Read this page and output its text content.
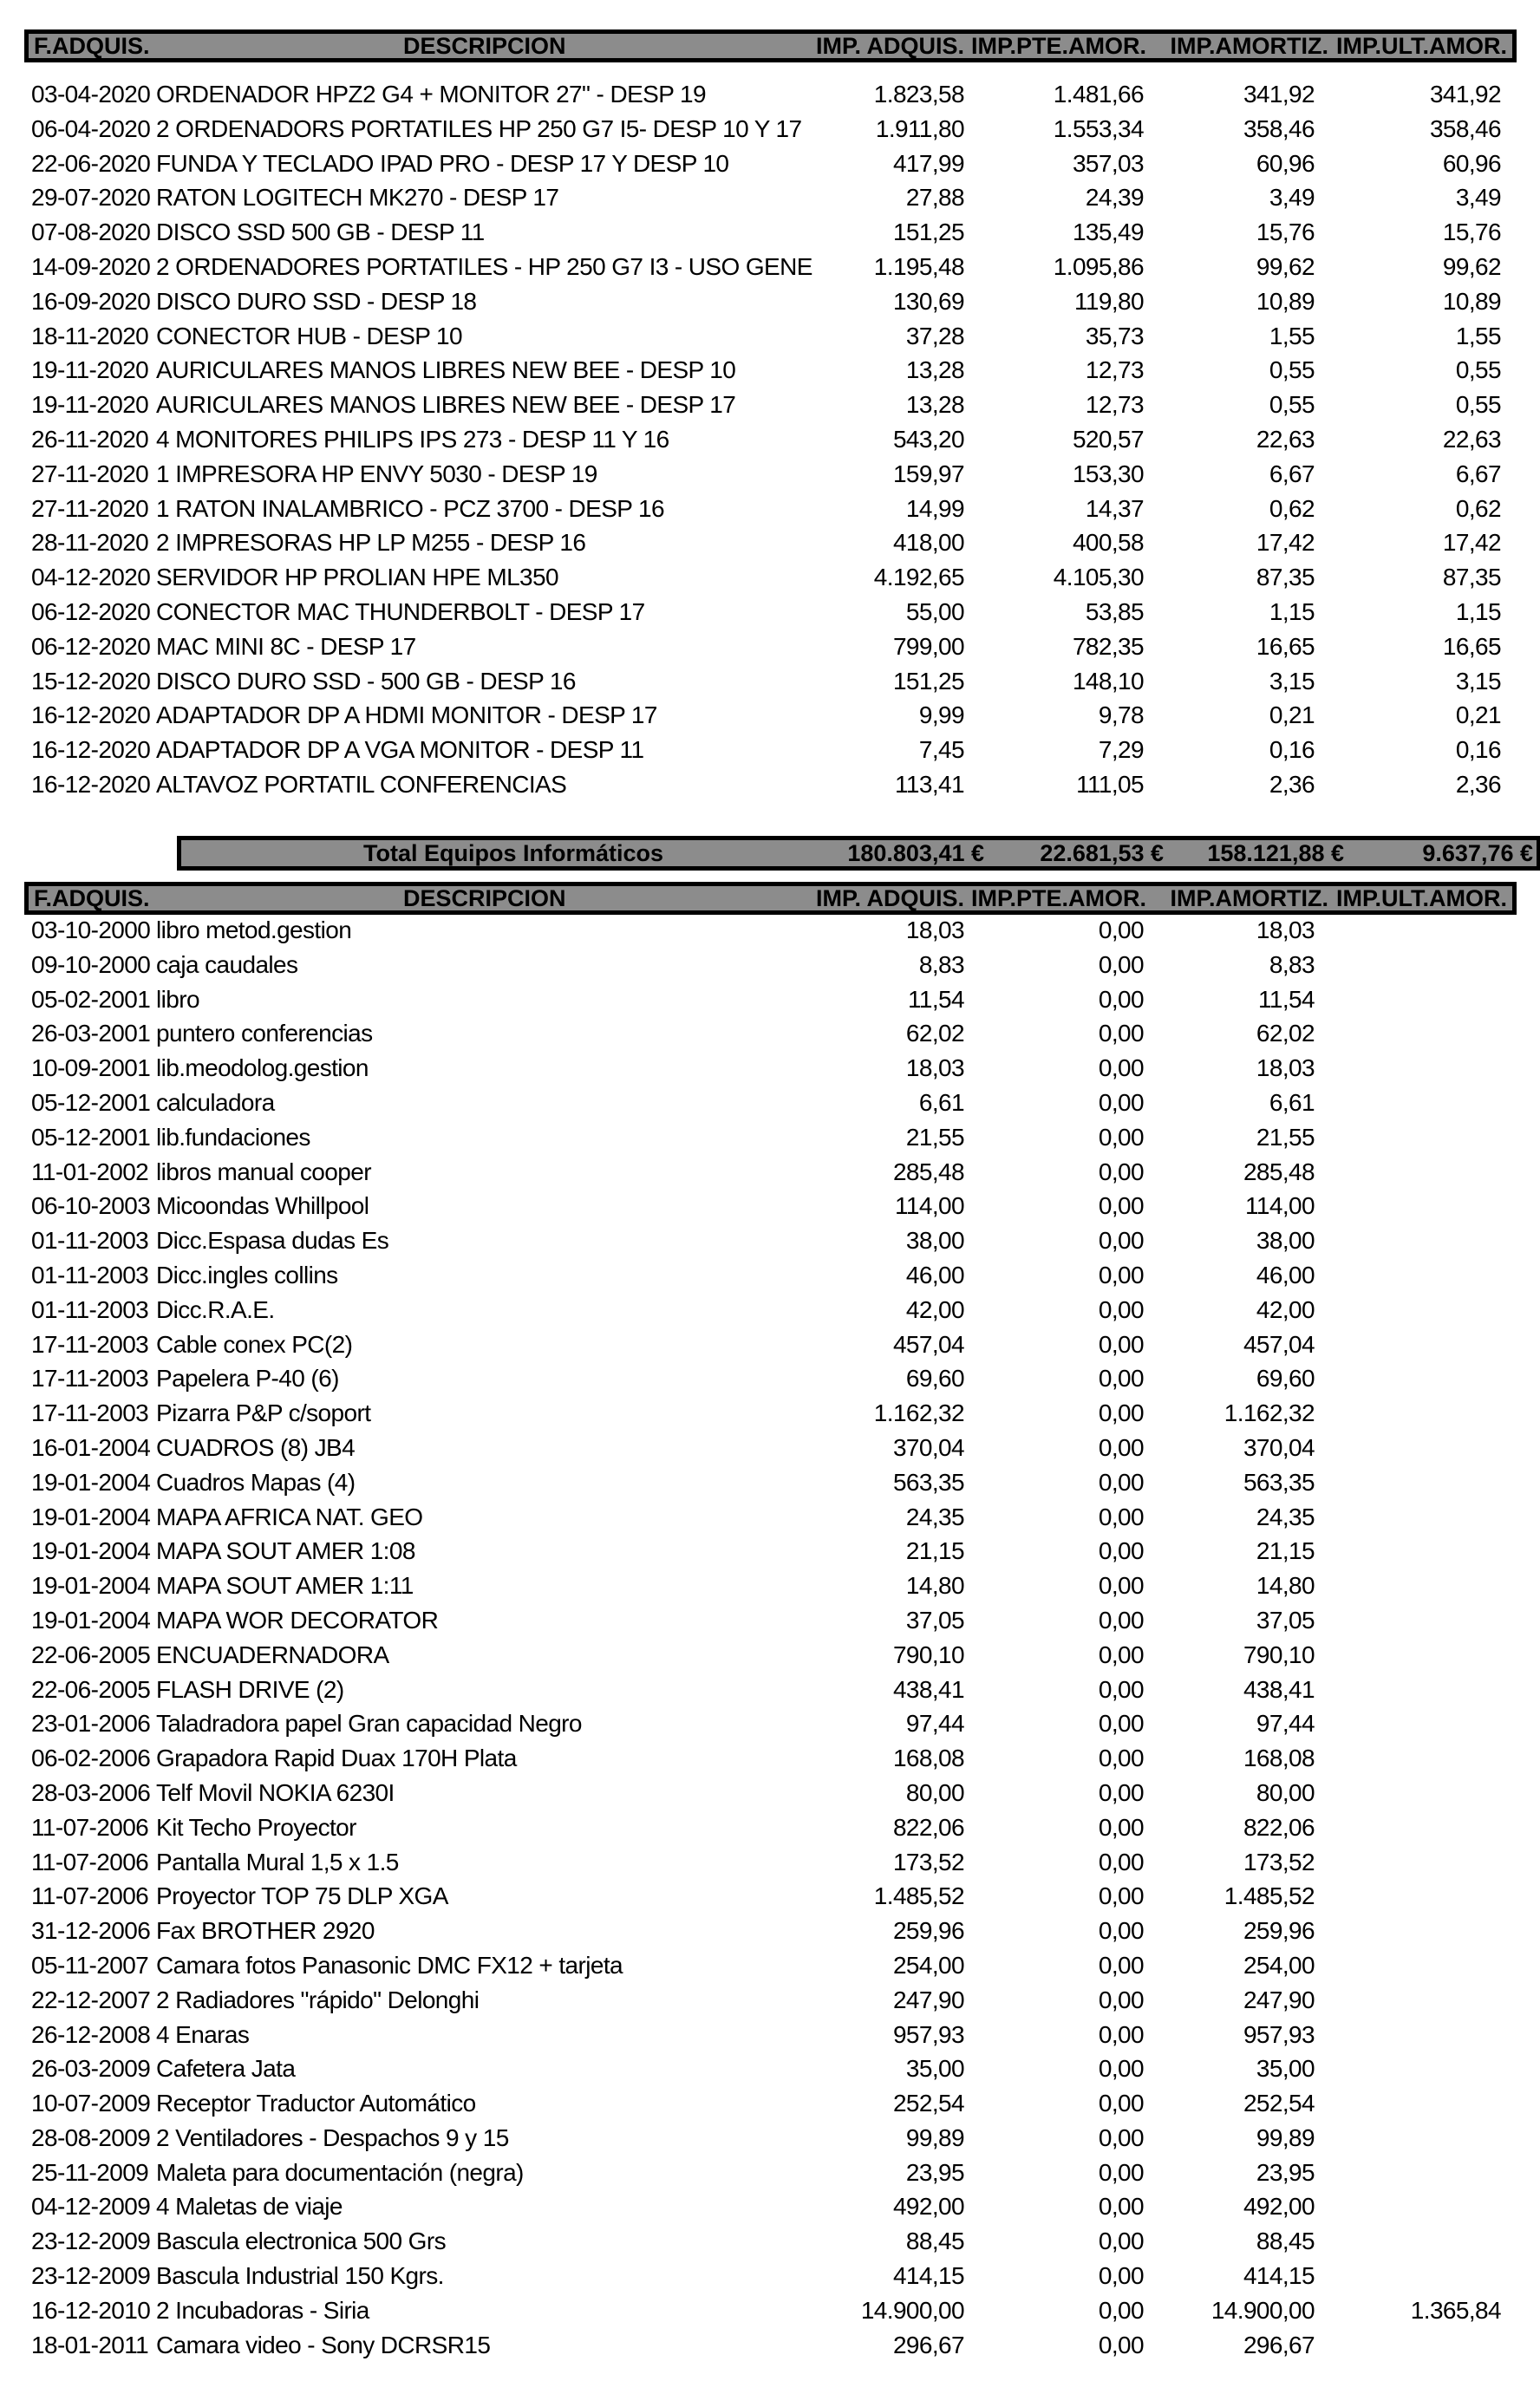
F.ADQUIS.	DESCRIPCION	IMP. ADQUIS. IMP.PTE.AMOR. IMP.AMORTIZ. IMP.ULT.AMOR.
03-04-2020 ORDENADOR HPZ2 G4 + MONITOR 27" - DESP 19	1.823,58	1.481,66	341,92	341,92
06-04-2020 2 ORDENADORS PORTATILES HP 250 G7 I5- DESP 10 Y 17	1.911,80	1.553,34	358,46	358,46
22-06-2020 FUNDA Y TECLADO IPAD PRO - DESP 17 Y DESP 10	417,99	357,03	60,96	60,96
29-07-2020 RATON LOGITECH MK270 - DESP 17	27,88	24,39	3,49	3,49
07-08-2020 DISCO SSD 500 GB - DESP 11	151,25	135,49	15,76	15,76
14-09-2020 2 ORDENADORES PORTATILES - HP 250 G7 I3 - USO GENE	1.195,48	1.095,86	99,62	99,62
16-09-2020 DISCO DURO SSD - DESP 18	130,69	119,80	10,89	10,89
18-11-2020 CONECTOR HUB - DESP 10	37,28	35,73	1,55	1,55
19-11-2020 AURICULARES MANOS LIBRES NEW BEE - DESP 10	13,28	12,73	0,55	0,55
19-11-2020 AURICULARES MANOS LIBRES NEW BEE - DESP 17	13,28	12,73	0,55	0,55
26-11-2020 4 MONITORES PHILIPS IPS 273 - DESP 11 Y 16	543,20	520,57	22,63	22,63
27-11-2020 1 IMPRESORA HP ENVY 5030 - DESP 19	159,97	153,30	6,67	6,67
27-11-2020 1 RATON INALAMBRICO - PCZ 3700 - DESP 16	14,99	14,37	0,62	0,62
28-11-2020 2 IMPRESORAS HP LP M255 - DESP 16	418,00	400,58	17,42	17,42
04-12-2020 SERVIDOR HP PROLIAN HPE ML350	4.192,65	4.105,30	87,35	87,35
06-12-2020 CONECTOR MAC THUNDERBOLT - DESP 17	55,00	53,85	1,15	1,15
06-12-2020 MAC MINI 8C - DESP 17	799,00	782,35	16,65	16,65
15-12-2020 DISCO DURO SSD - 500 GB - DESP 16	151,25	148,10	3,15	3,15
16-12-2020 ADAPTADOR DP A HDMI MONITOR - DESP 17	9,99	9,78	0,21	0,21
16-12-2020 ADAPTADOR DP A VGA MONITOR - DESP 11	7,45	7,29	0,16	0,16
16-12-2020 ALTAVOZ PORTATIL CONFERENCIAS	113,41	111,05	2,36	2,36
Total Equipos Informáticos	180.803,41 € 22.681,53 € 158.121,88 €	9.637,76 €
F.ADQUIS.	DESCRIPCION	IMP. ADQUIS. IMP.PTE.AMOR. IMP.AMORTIZ. IMP.ULT.AMOR.
03-10-2000 libro metod.gestion	18,03	0,00	18,03
09-10-2000 caja caudales	8,83	0,00	8,83
05-02-2001 libro	11,54	0,00	11,54
26-03-2001 puntero conferencias	62,02	0,00	62,02
10-09-2001 lib.meodolog.gestion	18,03	0,00	18,03
05-12-2001 calculadora	6,61	0,00	6,61
05-12-2001 lib.fundaciones	21,55	0,00	21,55
11-01-2002 libros manual cooper	285,48	0,00	285,48
06-10-2003 Micoondas Whillpool	114,00	0,00	114,00
01-11-2003 Dicc.Espasa dudas Es	38,00	0,00	38,00
01-11-2003 Dicc.ingles collins	46,00	0,00	46,00
01-11-2003 Dicc.R.A.E.	42,00	0,00	42,00
17-11-2003 Cable conex PC(2)	457,04	0,00	457,04
17-11-2003 Papelera P-40 (6)	69,60	0,00	69,60
17-11-2003 Pizarra P&P c/soport	1.162,32	0,00	1.162,32
16-01-2004 CUADROS (8) JB4	370,04	0,00	370,04
19-01-2004 Cuadros Mapas (4)	563,35	0,00	563,35
19-01-2004 MAPA AFRICA NAT. GEO	24,35	0,00	24,35
19-01-2004 MAPA SOUT AMER 1:08	21,15	0,00	21,15
19-01-2004 MAPA SOUT AMER 1:11	14,80	0,00	14,80
19-01-2004 MAPA WOR DECORATOR	37,05	0,00	37,05
22-06-2005 ENCUADERNADORA	790,10	0,00	790,10
22-06-2005 FLASH DRIVE (2)	438,41	0,00	438,41
23-01-2006 Taladradora papel Gran capacidad Negro	97,44	0,00	97,44
06-02-2006 Grapadora Rapid Duax 170H Plata	168,08	0,00	168,08
28-03-2006 Telf Movil NOKIA 6230I	80,00	0,00	80,00
11-07-2006 Kit Techo Proyector	822,06	0,00	822,06
11-07-2006 Pantalla Mural 1,5 x 1.5	173,52	0,00	173,52
11-07-2006 Proyector TOP 75 DLP XGA	1.485,52	0,00	1.485,52
31-12-2006 Fax BROTHER 2920	259,96	0,00	259,96
05-11-2007 Camara fotos Panasonic DMC FX12 + tarjeta	254,00	0,00	254,00
22-12-2007 2 Radiadores "rápido" Delonghi	247,90	0,00	247,90
26-12-2008 4 Enaras	957,93	0,00	957,93
26-03-2009 Cafetera Jata	35,00	0,00	35,00
10-07-2009 Receptor Traductor Automático	252,54	0,00	252,54
28-08-2009 2 Ventiladores - Despachos 9 y 15	99,89	0,00	99,89
25-11-2009 Maleta para documentación (negra)	23,95	0,00	23,95
04-12-2009 4 Maletas de viaje	492,00	0,00	492,00
23-12-2009 Bascula electronica 500 Grs	88,45	0,00	88,45
23-12-2009 Bascula Industrial 150 Kgrs.	414,15	0,00	414,15
16-12-2010 2 Incubadoras - Siria	14.900,00	0,00	14.900,00	1.365,84
18-01-2011 Camara video - Sony DCRSR15	296,67	0,00	296,67
